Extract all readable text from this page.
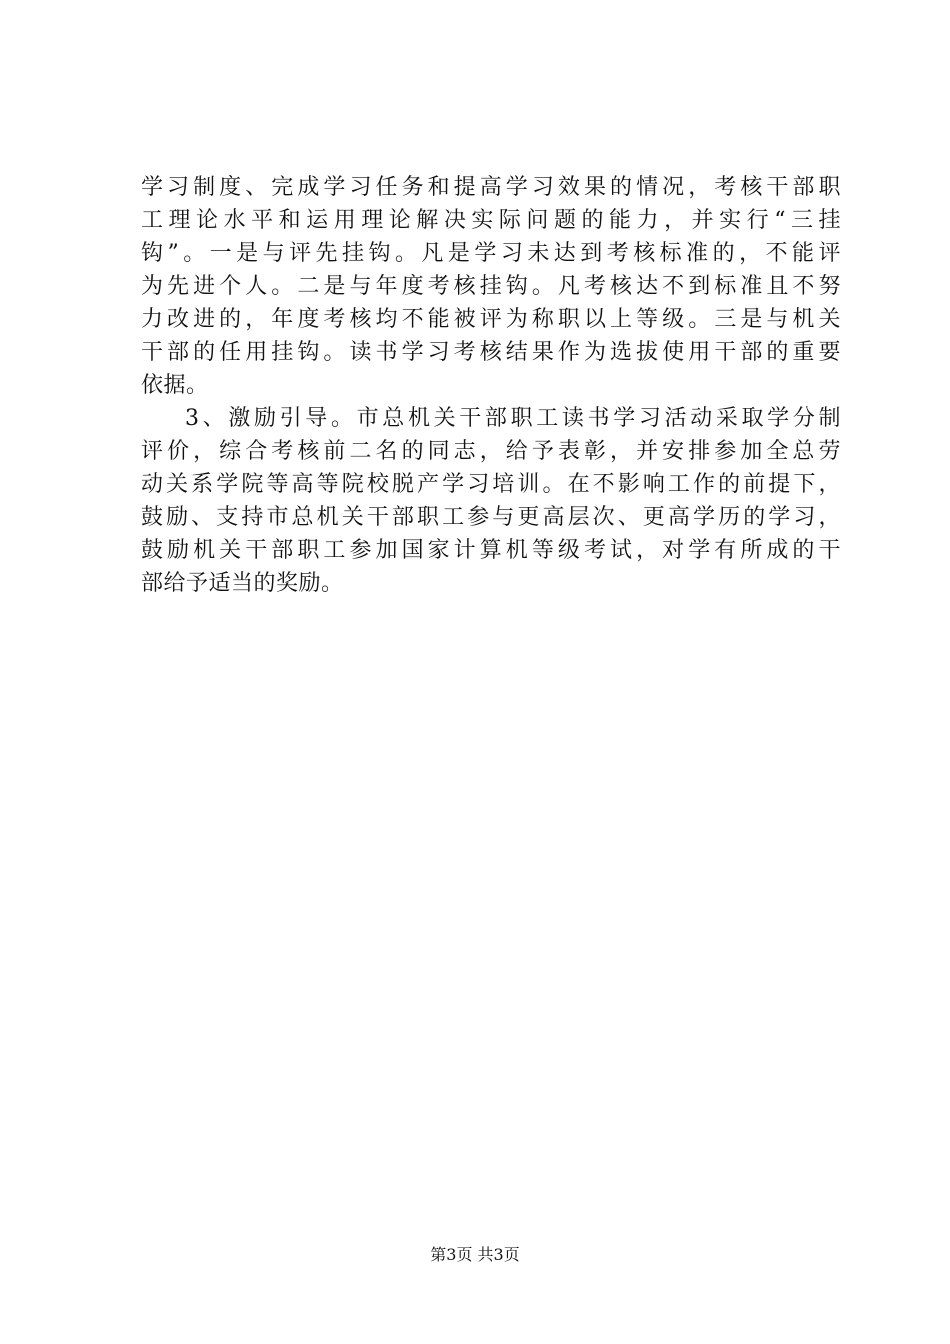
学习制度、完成学习任务和提高学习效果的情况，考核干部职
工理论水平和运用理论解决实际问题的能力，并实行“三挂
钩”。一是与评先挂钩。凡是学习未达到考核标准的，不能评
为先进个人。二是与年度考核挂钩。凡考核达不到标准且不努
力改进的，年度考核均不能被评为称职以上等级。三是与机关
干部的任用挂钩。读书学习考核结果作为选拔使用干部的重要
依据。
3、激励引导。市总机关干部职工读书学习活动采取学分制
评价，综合考核前二名的同志，给予表彰，并安排参加全总劳
动关系学院等高等院校脱产学习培训。在不影响工作的前提下，
鼓励、支持市总机关干部职工参与更高层次、更高学历的学习，
鼓励机关干部职工参加国家计算机等级考试，对学有所成的干
部给予适当的奖励。
第3页 共3页
